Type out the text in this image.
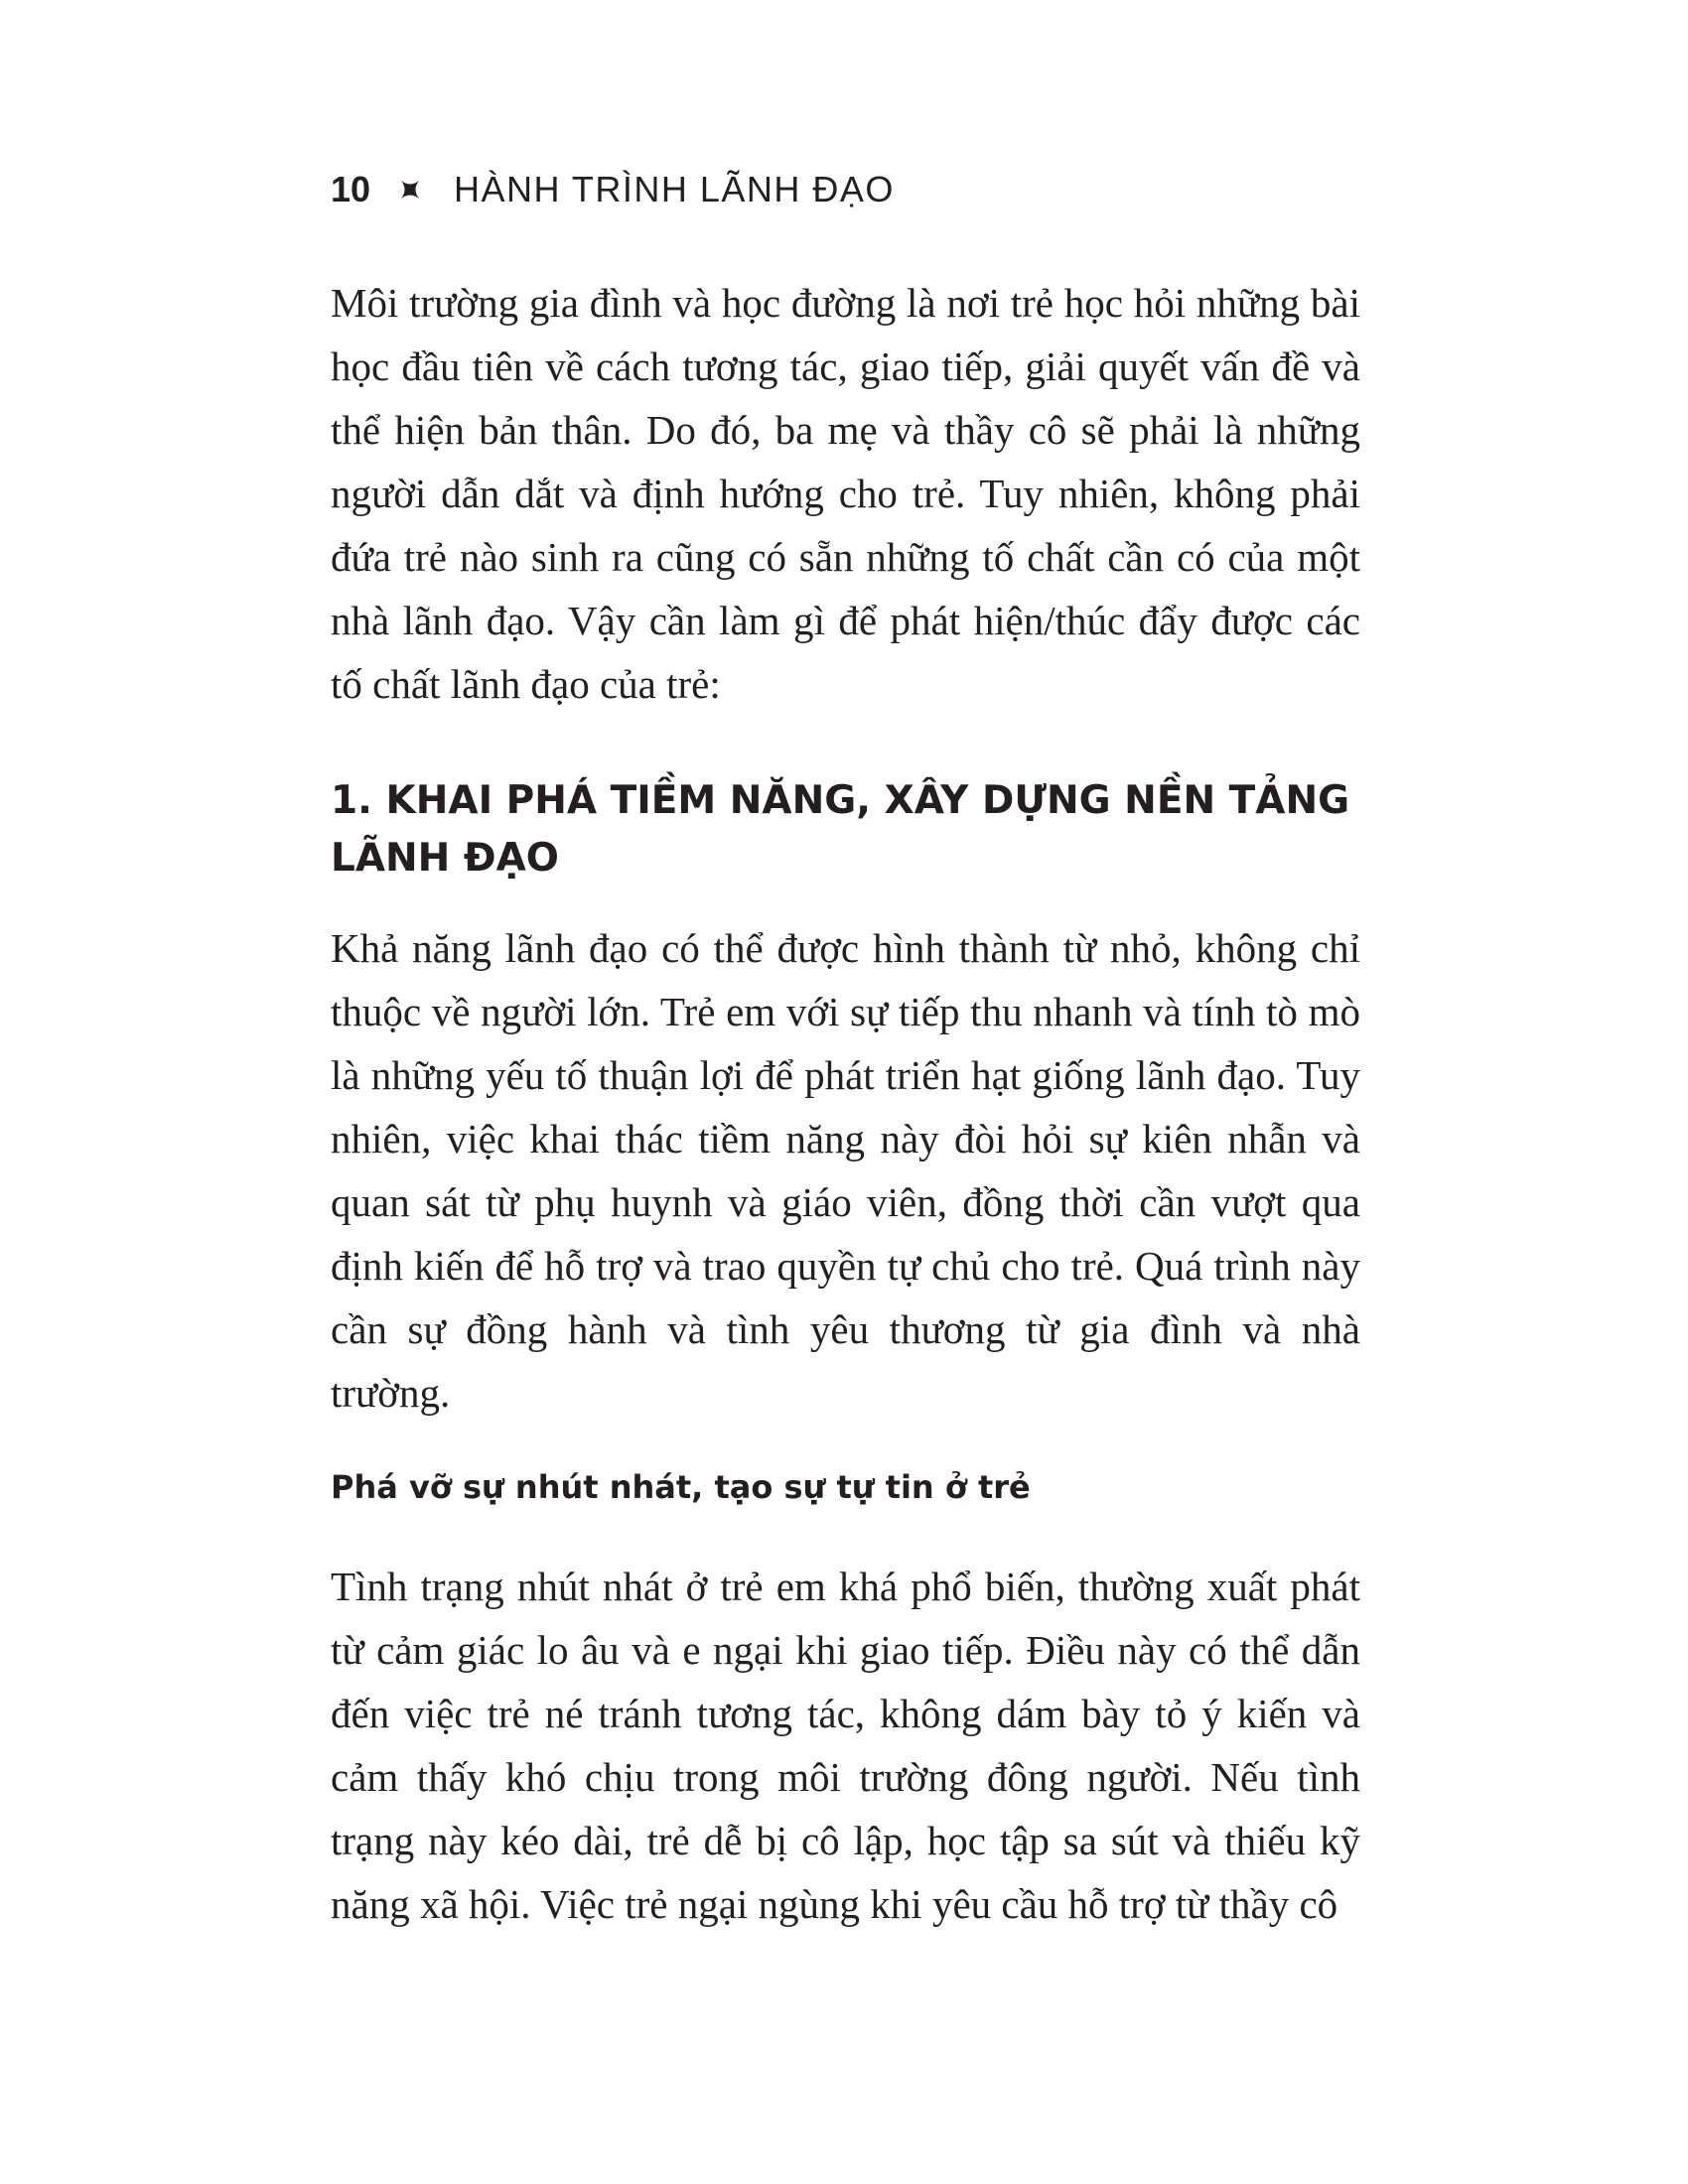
10 HÀNH TRÌNH LÃNH ĐẠO

Môi trường gia đình và học đường là nơi trẻ học hỏi những bài học đầu tiên về cách tương tác, giao tiếp, giải quyết vấn đề và thể hiện bản thân. Do đó, ba mẹ và thầy cô sẽ phải là những người dẫn dắt và định hướng cho trẻ. Tuy nhiên, không phải đứa trẻ nào sinh ra cũng có sẵn những tố chất cần có của một nhà lãnh đạo. Vậy cần làm gì để phát hiện/thúc đẩy được các tố chất lãnh đạo của trẻ:

1. KHAI PHÁ TIỀM NĂNG, XÂY DỰNG NỀN TẢNG LÃNH ĐẠO

Khả năng lãnh đạo có thể được hình thành từ nhỏ, không chỉ thuộc về người lớn. Trẻ em với sự tiếp thu nhanh và tính tò mò là những yếu tố thuận lợi để phát triển hạt giống lãnh đạo. Tuy nhiên, việc khai thác tiềm năng này đòi hỏi sự kiên nhẫn và quan sát từ phụ huynh và giáo viên, đồng thời cần vượt qua định kiến để hỗ trợ và trao quyền tự chủ cho trẻ. Quá trình này cần sự đồng hành và tình yêu thương từ gia đình và nhà trường.

Phá vỡ sự nhút nhát, tạo sự tự tin ở trẻ

Tình trạng nhút nhát ở trẻ em khá phổ biến, thường xuất phát từ cảm giác lo âu và e ngại khi giao tiếp. Điều này có thể dẫn đến việc trẻ né tránh tương tác, không dám bày tỏ ý kiến và cảm thấy khó chịu trong môi trường đông người. Nếu tình trạng này kéo dài, trẻ dễ bị cô lập, học tập sa sút và thiếu kỹ năng xã hội. Việc trẻ ngại ngùng khi yêu cầu hỗ trợ từ thầy cô
